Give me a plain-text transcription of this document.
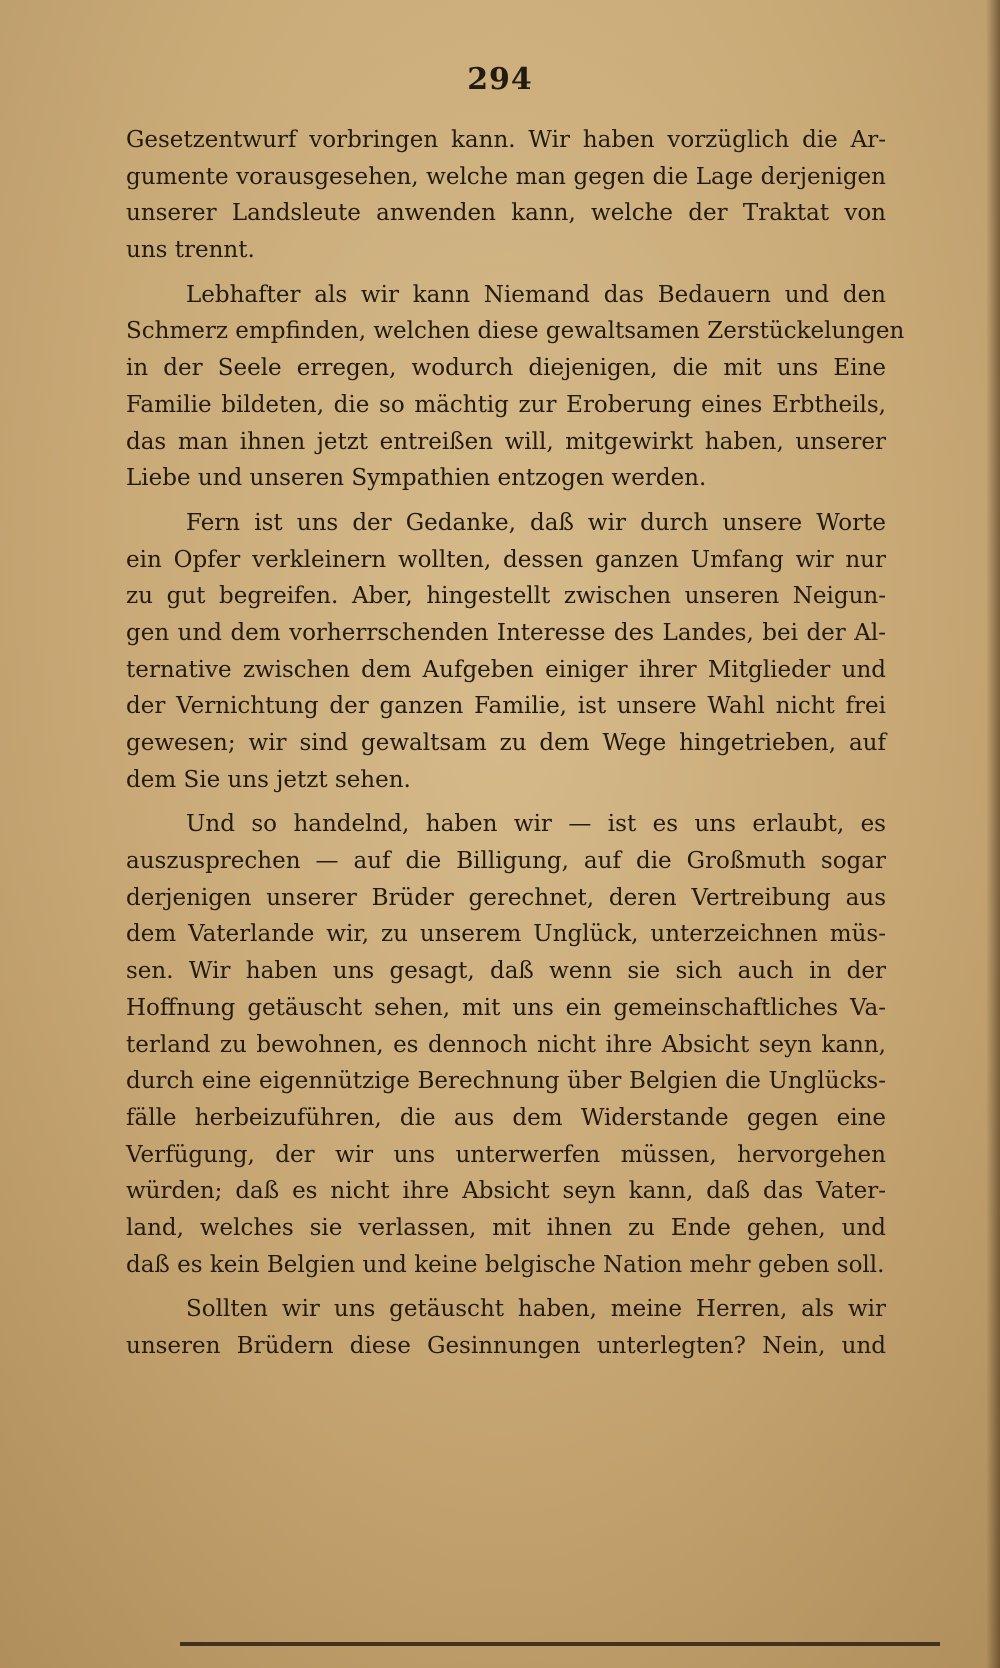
294
Gesetzentwurf vorbringen kann. Wir haben vorzüglich die Ar-
gumente vorausgesehen, welche man gegen die Lage derjenigen
unserer Landsleute anwenden kann, welche der Traktat von
uns trennt.
Lebhafter als wir kann Niemand das Bedauern und den
Schmerz empfinden, welchen diese gewaltsamen Zerstückelungen
in der Seele erregen, wodurch diejenigen, die mit uns Eine
Familie bildeten, die so mächtig zur Eroberung eines Erbtheils,
das man ihnen jetzt entreißen will, mitgewirkt haben, unserer
Liebe und unseren Sympathien entzogen werden.
Fern ist uns der Gedanke, daß wir durch unsere Worte
ein Opfer verkleinern wollten, dessen ganzen Umfang wir nur
zu gut begreifen. Aber, hingestellt zwischen unseren Neigun-
gen und dem vorherrschenden Interesse des Landes, bei der Al-
ternative zwischen dem Aufgeben einiger ihrer Mitglieder und
der Vernichtung der ganzen Familie, ist unsere Wahl nicht frei
gewesen; wir sind gewaltsam zu dem Wege hingetrieben, auf
dem Sie uns jetzt sehen.
Und so handelnd, haben wir — ist es uns erlaubt, es
auszusprechen — auf die Billigung, auf die Großmuth sogar
derjenigen unserer Brüder gerechnet, deren Vertreibung aus
dem Vaterlande wir, zu unserem Unglück, unterzeichnen müs-
sen. Wir haben uns gesagt, daß wenn sie sich auch in der
Hoffnung getäuscht sehen, mit uns ein gemeinschaftliches Va-
terland zu bewohnen, es dennoch nicht ihre Absicht seyn kann,
durch eine eigennützige Berechnung über Belgien die Unglücks-
fälle herbeizuführen, die aus dem Widerstande gegen eine
Verfügung, der wir uns unterwerfen müssen, hervorgehen
würden; daß es nicht ihre Absicht seyn kann, daß das Vater-
land, welches sie verlassen, mit ihnen zu Ende gehen, und
daß es kein Belgien und keine belgische Nation mehr geben soll.
Sollten wir uns getäuscht haben, meine Herren, als wir
unseren Brüdern diese Gesinnungen unterlegten? Nein, und
